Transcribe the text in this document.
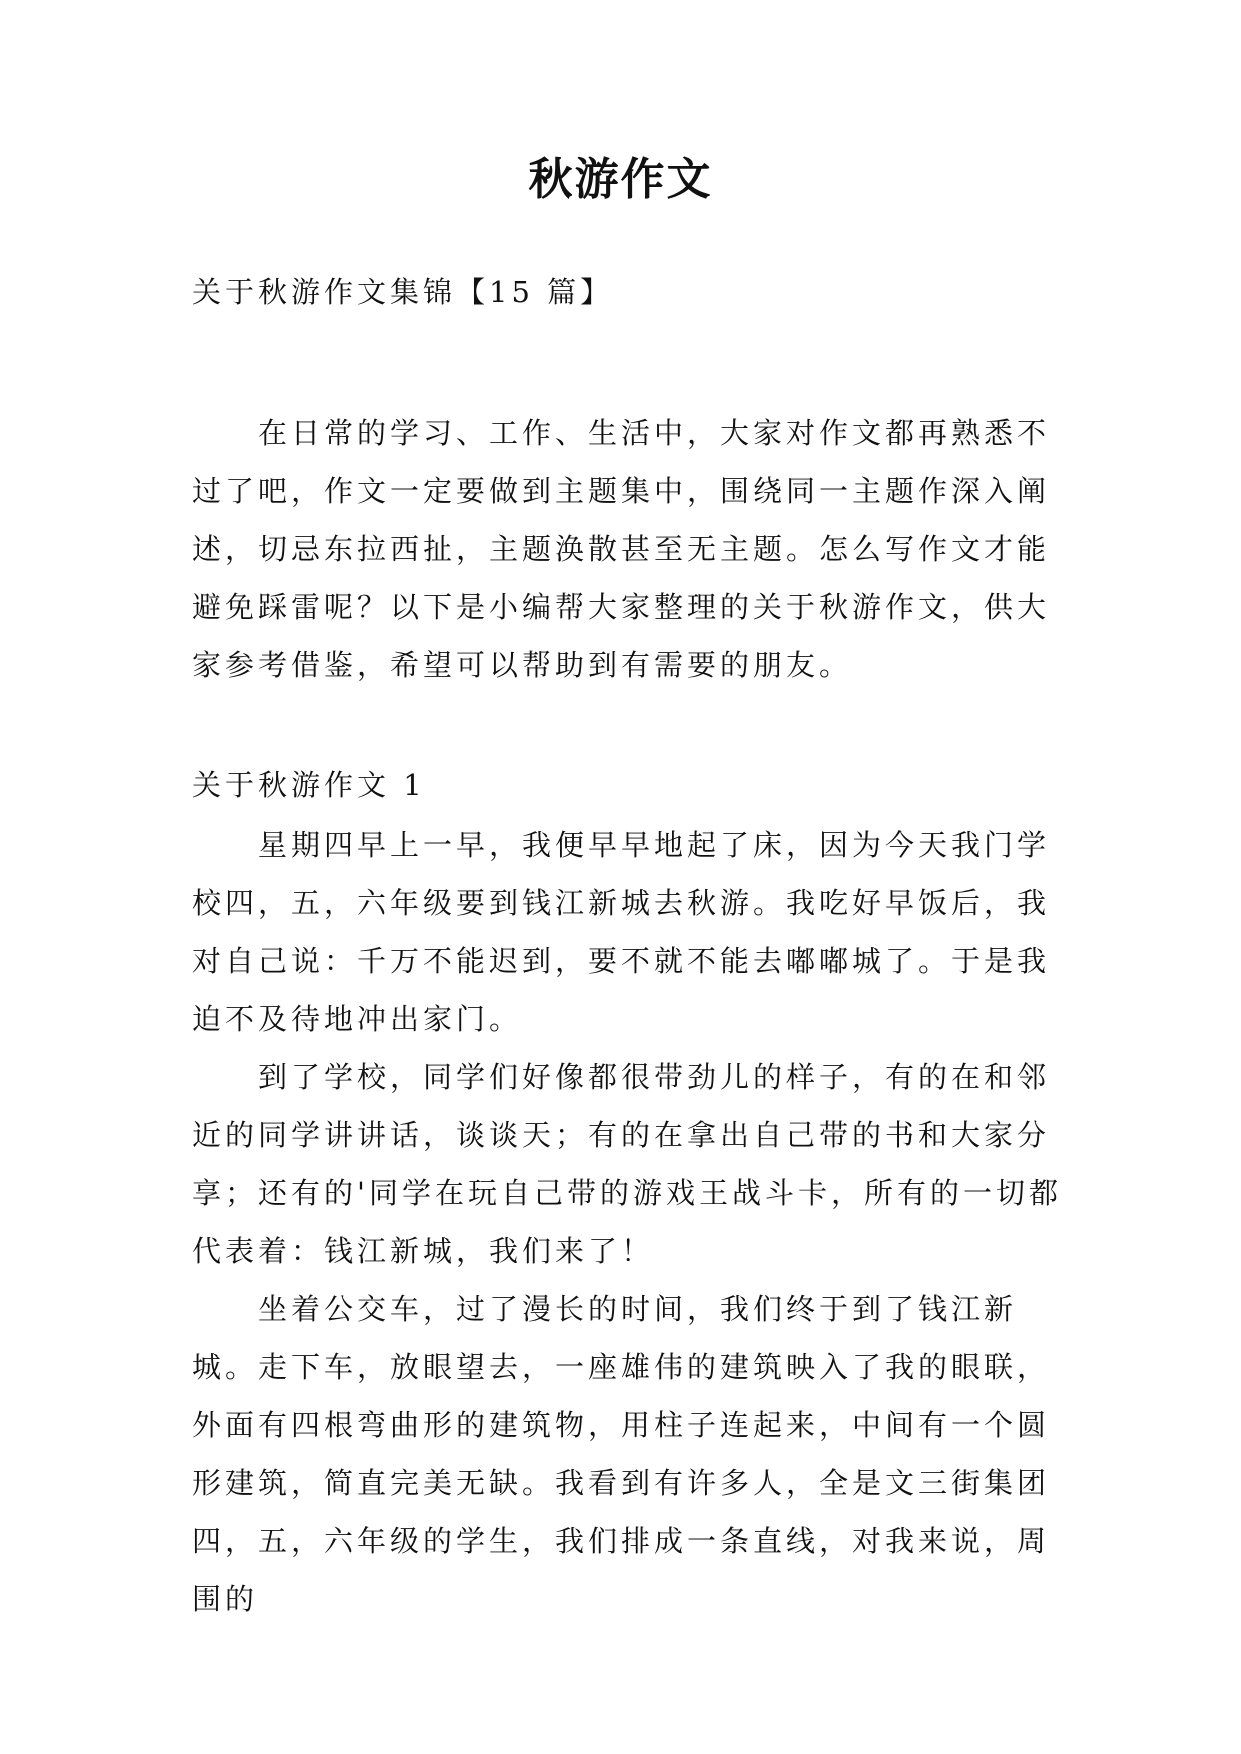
秋游作文
关于秋游作文集锦【15 篇】

在日常的学习、工作、生活中，大家对作文都再熟悉不过了吧，作文一定要做到主题集中，围绕同一主题作深入阐述，切忌东拉西扯，主题涣散甚至无主题。怎么写作文才能避免踩雷呢？以下是小编帮大家整理的关于秋游作文，供大家参考借鉴，希望可以帮助到有需要的朋友。

关于秋游作文 1

星期四早上一早，我便早早地起了床，因为今天我门学校四，五，六年级要到钱江新城去秋游。我吃好早饭后，我对自己说：千万不能迟到，要不就不能去嘟嘟城了。于是我迫不及待地冲出家门。

到了学校，同学们好像都很带劲儿的样子，有的在和邻近的同学讲讲话，谈谈天；有的在拿出自己带的书和大家分享；还有的'同学在玩自己带的游戏王战斗卡，所有的一切都代表着：钱江新城，我们来了！

坐着公交车，过了漫长的时间，我们终于到了钱江新城。走下车，放眼望去，一座雄伟的建筑映入了我的眼联，外面有四根弯曲形的建筑物，用柱子连起来，中间有一个圆形建筑，简直完美无缺。我看到有许多人，全是文三街集团四，五，六年级的学生，我们排成一条直线，对我来说，周围的
